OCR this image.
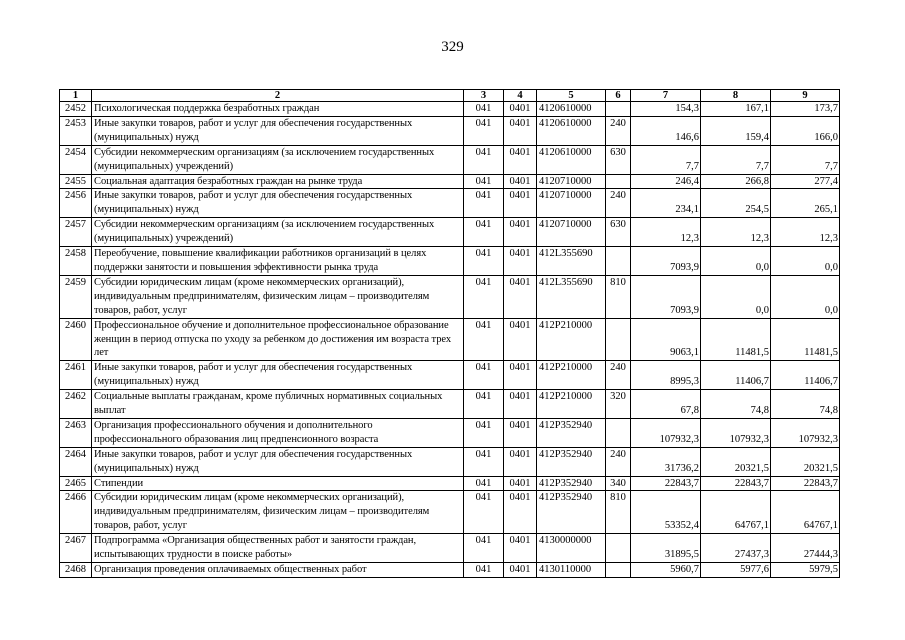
329
1	2	3	4	5	6	7	8	9
2452	Психологическая поддержка безработных граждан	041	0401	4120610000		154,3	167,1	173,7
2453	Иные закупки товаров, работ и услуг для обеспечения государственных (муниципальных) нужд	041	0401	4120610000	240	146,6	159,4	166,0
2454	Субсидии некоммерческим организациям (за исключением государственных (муниципальных) учреждений)	041	0401	4120610000	630	7,7	7,7	7,7
2455	Социальная адаптация безработных граждан на рынке труда	041	0401	4120710000		246,4	266,8	277,4
2456	Иные закупки товаров, работ и услуг для обеспечения государственных (муниципальных) нужд	041	0401	4120710000	240	234,1	254,5	265,1
2457	Субсидии некоммерческим организациям (за исключением государственных (муниципальных) учреждений)	041	0401	4120710000	630	12,3	12,3	12,3
2458	Переобучение, повышение квалификации работников организаций в целях поддержки занятости и повышения эффективности рынка труда	041	0401	412L355690		7093,9	0,0	0,0
2459	Субсидии юридическим лицам (кроме некоммерческих организаций), индивидуальным предпринимателям, физическим лицам – производителям товаров, работ, услуг	041	0401	412L355690	810	7093,9	0,0	0,0
2460	Профессиональное обучение и дополнительное профессиональное образование женщин в период отпуска по уходу за ребенком до достижения им возраста трех лет	041	0401	412P210000		9063,1	11481,5	11481,5
2461	Иные закупки товаров, работ и услуг для обеспечения государственных (муниципальных) нужд	041	0401	412P210000	240	8995,3	11406,7	11406,7
2462	Социальные выплаты гражданам, кроме публичных нормативных социальных выплат	041	0401	412P210000	320	67,8	74,8	74,8
2463	Организация профессионального обучения и дополнительного профессионального образования лиц предпенсионного возраста	041	0401	412P352940		107932,3	107932,3	107932,3
2464	Иные закупки товаров, работ и услуг для обеспечения государственных (муниципальных) нужд	041	0401	412P352940	240	31736,2	20321,5	20321,5
2465	Стипендии	041	0401	412P352940	340	22843,7	22843,7	22843,7
2466	Субсидии юридическим лицам (кроме некоммерческих организаций), индивидуальным предпринимателям, физическим лицам – производителям товаров, работ, услуг	041	0401	412P352940	810	53352,4	64767,1	64767,1
2467	Подпрограмма «Организация общественных работ и занятости граждан, испытывающих трудности в поиске работы»	041	0401	4130000000		31895,5	27437,3	27444,3
2468	Организация проведения оплачиваемых общественных работ	041	0401	4130110000		5960,7	5977,6	5979,5
